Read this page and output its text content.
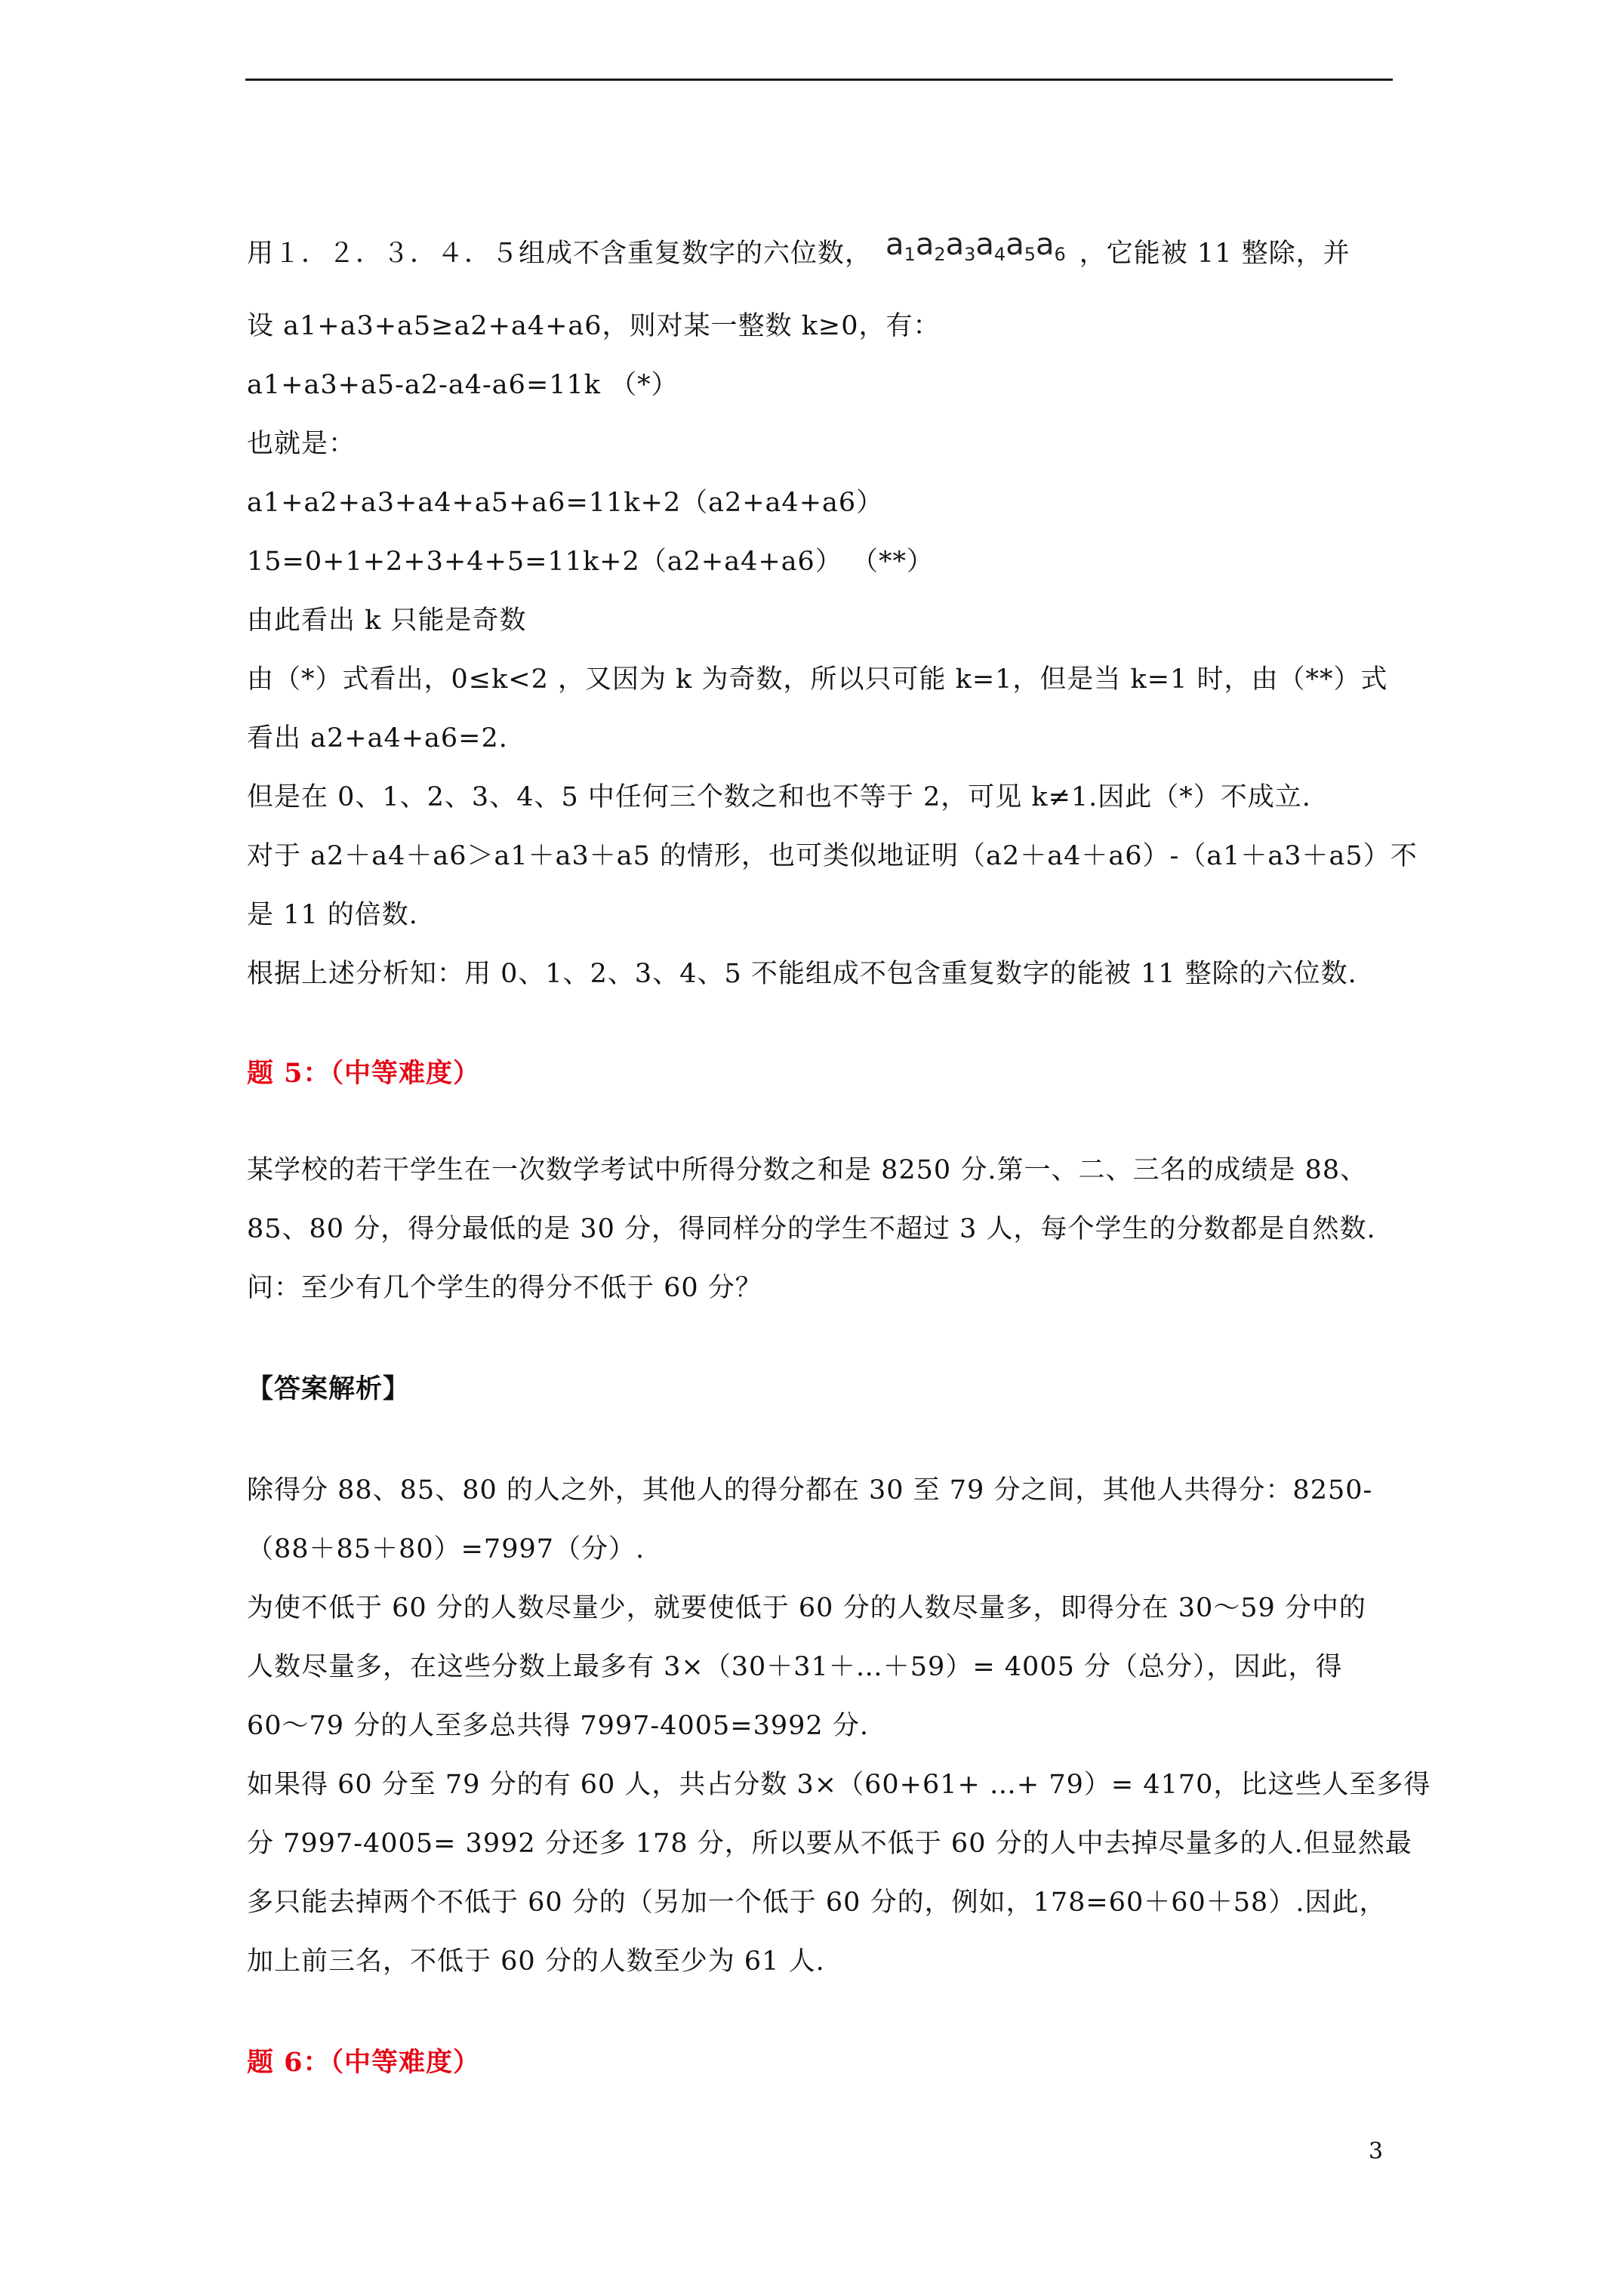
用１．２．３．４．５组成不含重复数字的六位数， $a_1a_2a_3a_4a_5a_6$ ，它能被 11 整除，并
设 a1+a3+a5≥a2+a4+a6，则对某一整数 k≥0，有：
a1+a3+a5-a2-a4-a6=11k （*）
也就是：
a1+a2+a3+a4+a5+a6=11k+2（a2+a4+a6）
15=0+1+2+3+4+5=11k+2（a2+a4+a6） （**）
由此看出 k 只能是奇数
由（*）式看出，0≤k<2 ，又因为 k 为奇数，所以只可能 k=1，但是当 k=1 时，由（**）式
看出 a2+a4+a6=2.
但是在 0、1、2、3、4、5 中任何三个数之和也不等于 2，可见 k≠1.因此（*）不成立.
对于 a2＋a4＋a6＞a1＋a3＋a5 的情形，也可类似地证明（a2＋a4＋a6）-（a1＋a3＋a5）不
是 11 的倍数.
根据上述分析知：用 0、1、2、3、4、5 不能组成不包含重复数字的能被 11 整除的六位数.
题 5：（中等难度）
某学校的若干学生在一次数学考试中所得分数之和是 8250 分.第一、二、三名的成绩是 88、
85、80 分，得分最低的是 30 分，得同样分的学生不超过 3 人，每个学生的分数都是自然数.
问：至少有几个学生的得分不低于 60 分？
【答案解析】
除得分 88、85、80 的人之外，其他人的得分都在 30 至 79 分之间，其他人共得分：8250-
（88＋85＋80）=7997（分）.
为使不低于 60 分的人数尽量少，就要使低于 60 分的人数尽量多，即得分在 30～59 分中的
人数尽量多，在这些分数上最多有 3×（30＋31＋…＋59）= 4005 分（总分），因此，得
60～79 分的人至多总共得 7997-4005=3992 分.
如果得 60 分至 79 分的有 60 人，共占分数 3×（60+61+ …+ 79）= 4170，比这些人至多得
分 7997-4005= 3992 分还多 178 分，所以要从不低于 60 分的人中去掉尽量多的人.但显然最
多只能去掉两个不低于 60 分的（另加一个低于 60 分的，例如，178=60＋60＋58）.因此，
加上前三名，不低于 60 分的人数至少为 61 人.
题 6：（中等难度）
3
